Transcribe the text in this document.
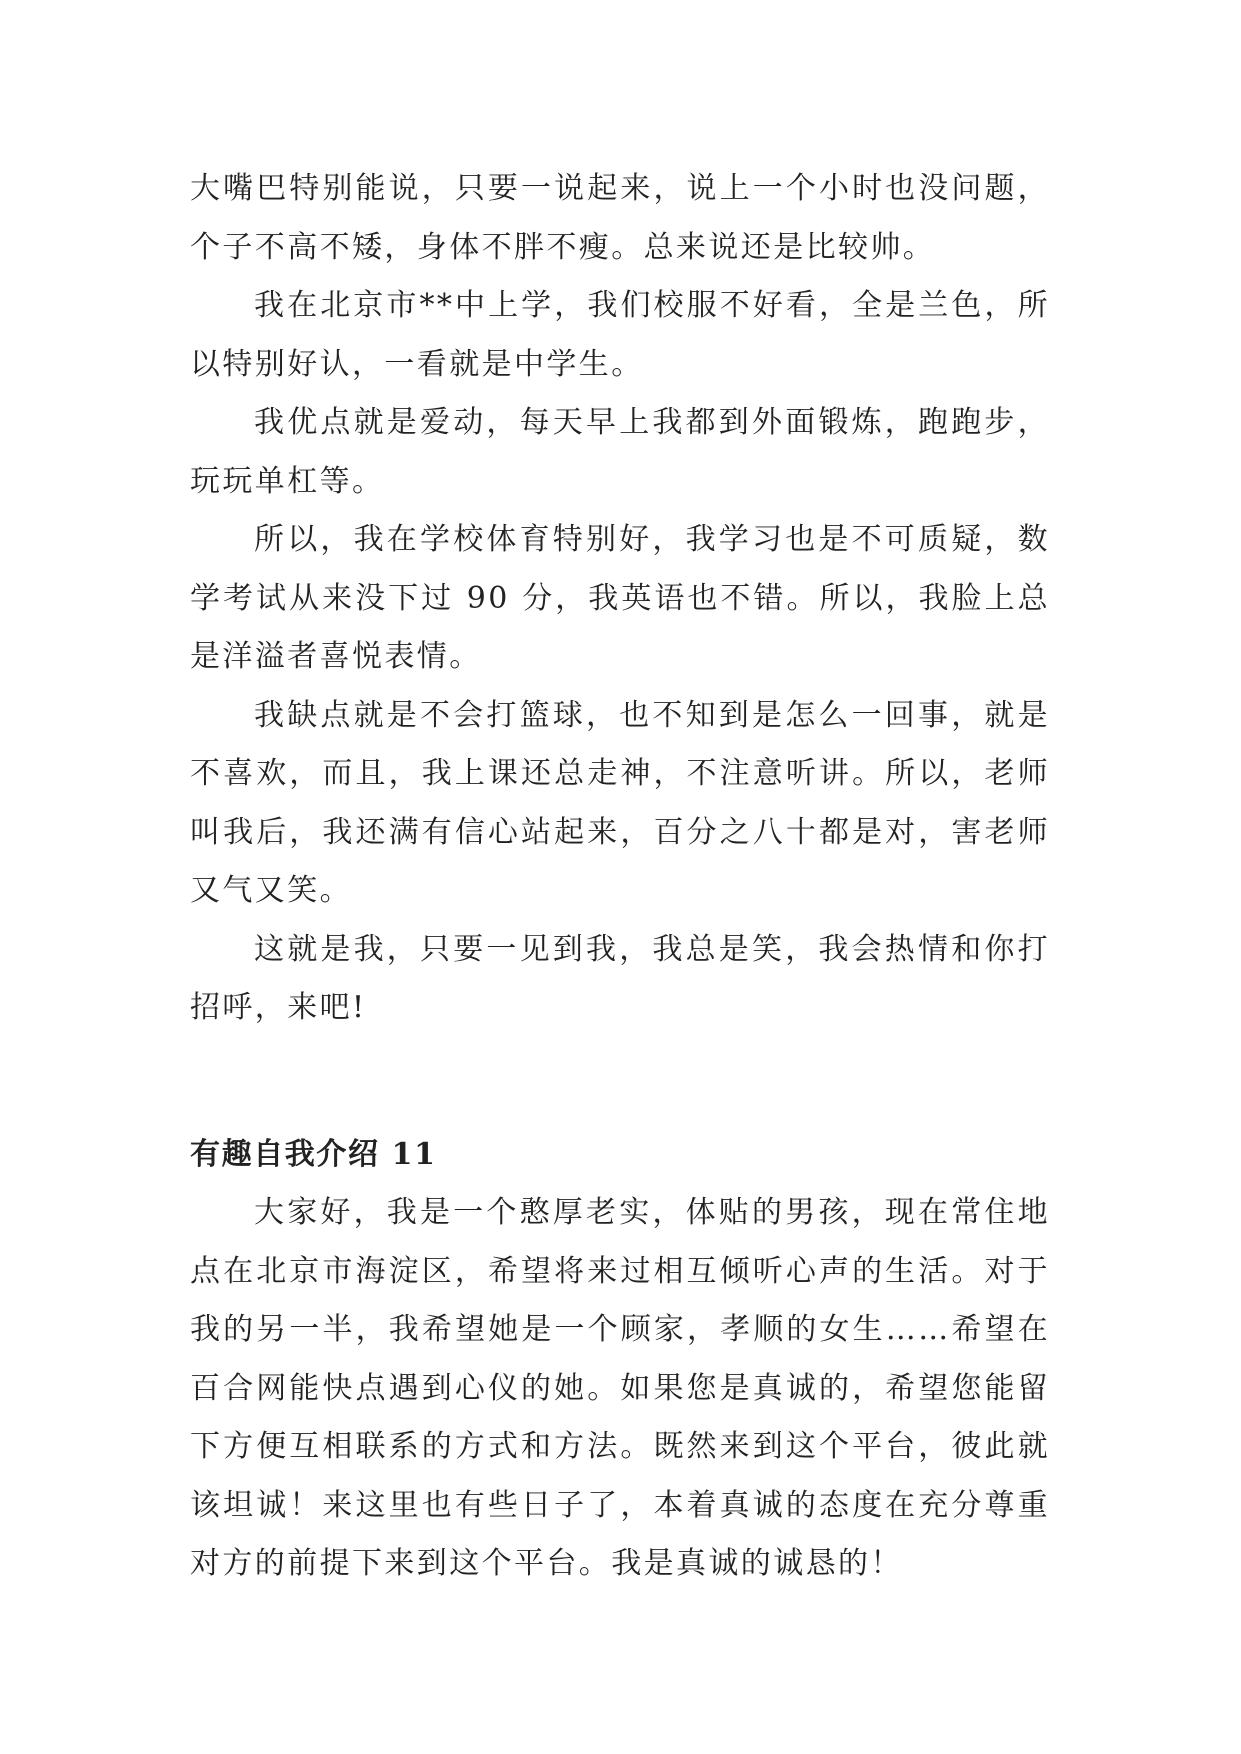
大嘴巴特别能说，只要一说起来，说上一个小时也没问题，个子不高不矮，身体不胖不瘦。总来说还是比较帅。

我在北京市**中上学，我们校服不好看，全是兰色，所以特别好认，一看就是中学生。

我优点就是爱动，每天早上我都到外面锻炼，跑跑步，玩玩单杠等。

所以，我在学校体育特别好，我学习也是不可质疑，数学考试从来没下过 90 分，我英语也不错。所以，我脸上总是洋溢者喜悦表情。

我缺点就是不会打篮球，也不知到是怎么一回事，就是不喜欢，而且，我上课还总走神，不注意听讲。所以，老师叫我后，我还满有信心站起来，百分之八十都是对，害老师又气又笑。

这就是我，只要一见到我，我总是笑，我会热情和你打招呼，来吧!

有趣自我介绍 11

大家好，我是一个憨厚老实，体贴的男孩，现在常住地点在北京市海淀区，希望将来过相互倾听心声的生活。对于我的另一半，我希望她是一个顾家，孝顺的女生……希望在百合网能快点遇到心仪的她。如果您是真诚的，希望您能留下方便互相联系的方式和方法。既然来到这个平台，彼此就该坦诚！来这里也有些日子了，本着真诚的态度在充分尊重对方的前提下来到这个平台。我是真诚的诚恳的！
